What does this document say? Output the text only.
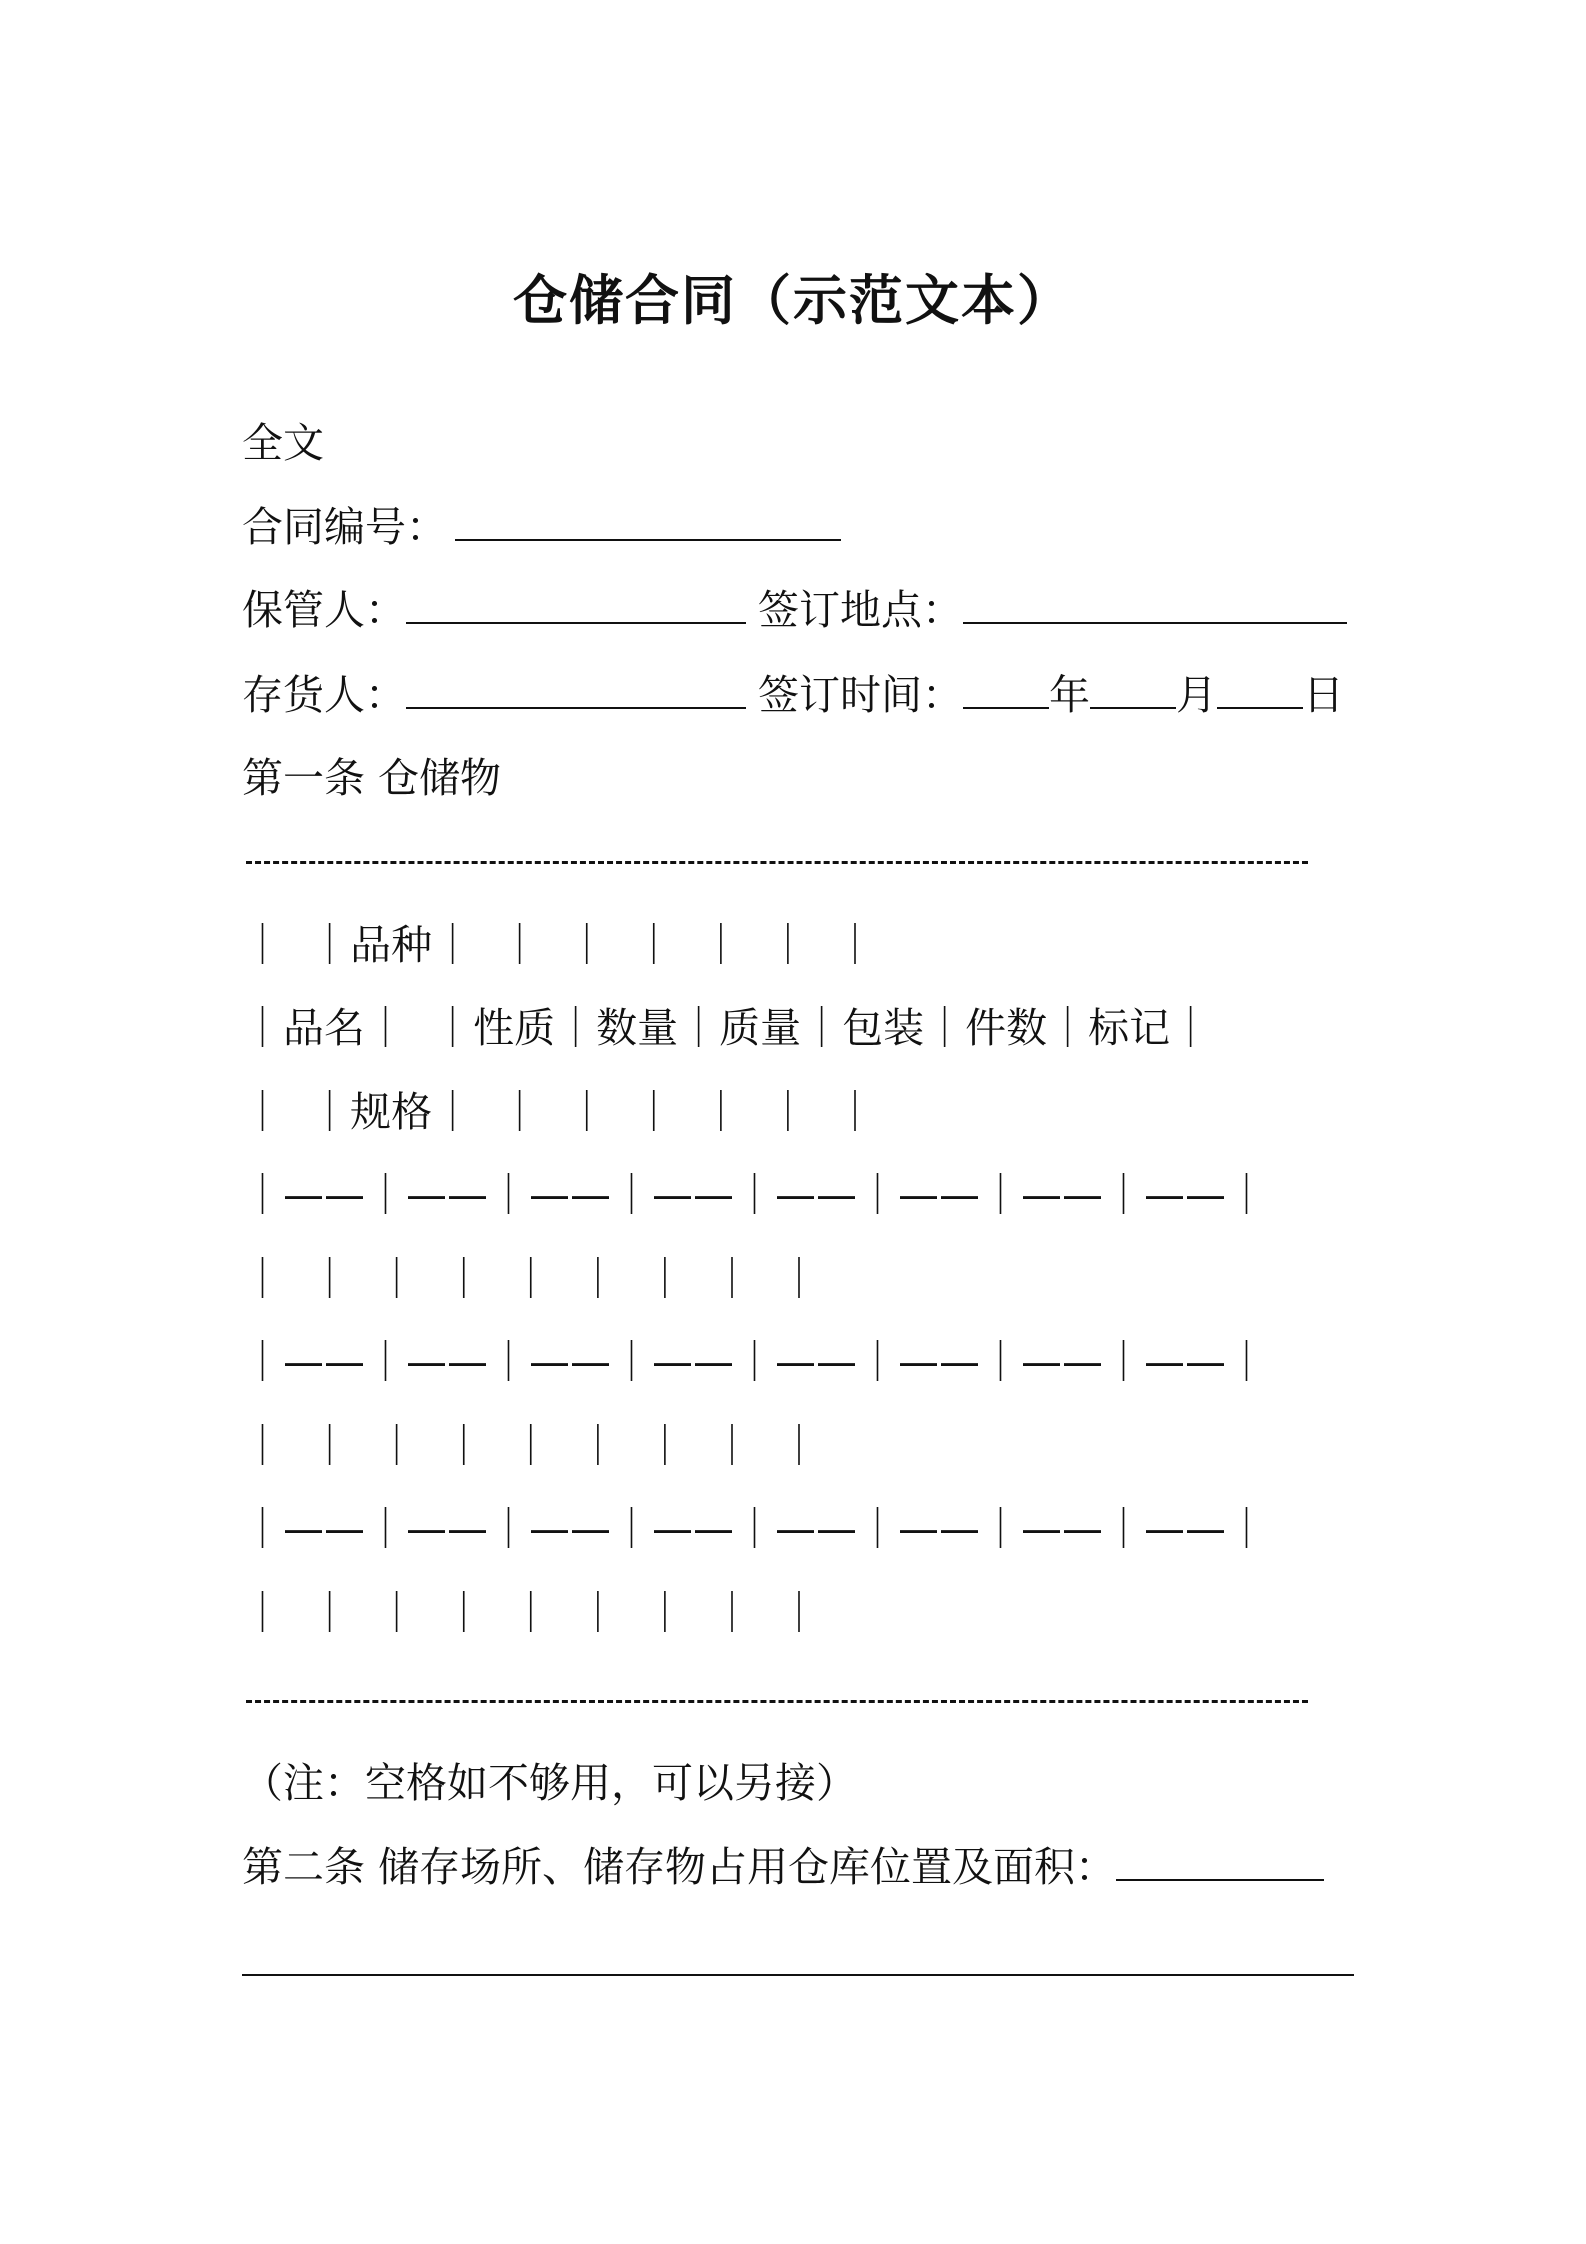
仓储合同（示范文本）
全文
合同编号：
保管人：	签订地点：
存货人：	签订时间： 年 月 日
第一条 仓储物
｜  ｜品种｜  ｜  ｜  ｜  ｜  ｜  ｜
｜品名｜  ｜性质｜数量｜质量｜包装｜件数｜标记｜
｜  ｜规格｜  ｜  ｜  ｜  ｜  ｜  ｜
｜——｜——｜——｜——｜——｜——｜——｜——｜
｜  ｜  ｜  ｜  ｜  ｜  ｜  ｜  ｜
｜——｜——｜——｜——｜——｜——｜——｜——｜
｜  ｜  ｜  ｜  ｜  ｜  ｜  ｜  ｜
｜——｜——｜——｜——｜——｜——｜——｜——｜
｜  ｜  ｜  ｜  ｜  ｜  ｜  ｜  ｜
（注：空格如不够用，可以另接）
第二条 储存场所、储存物占用仓库位置及面积：
